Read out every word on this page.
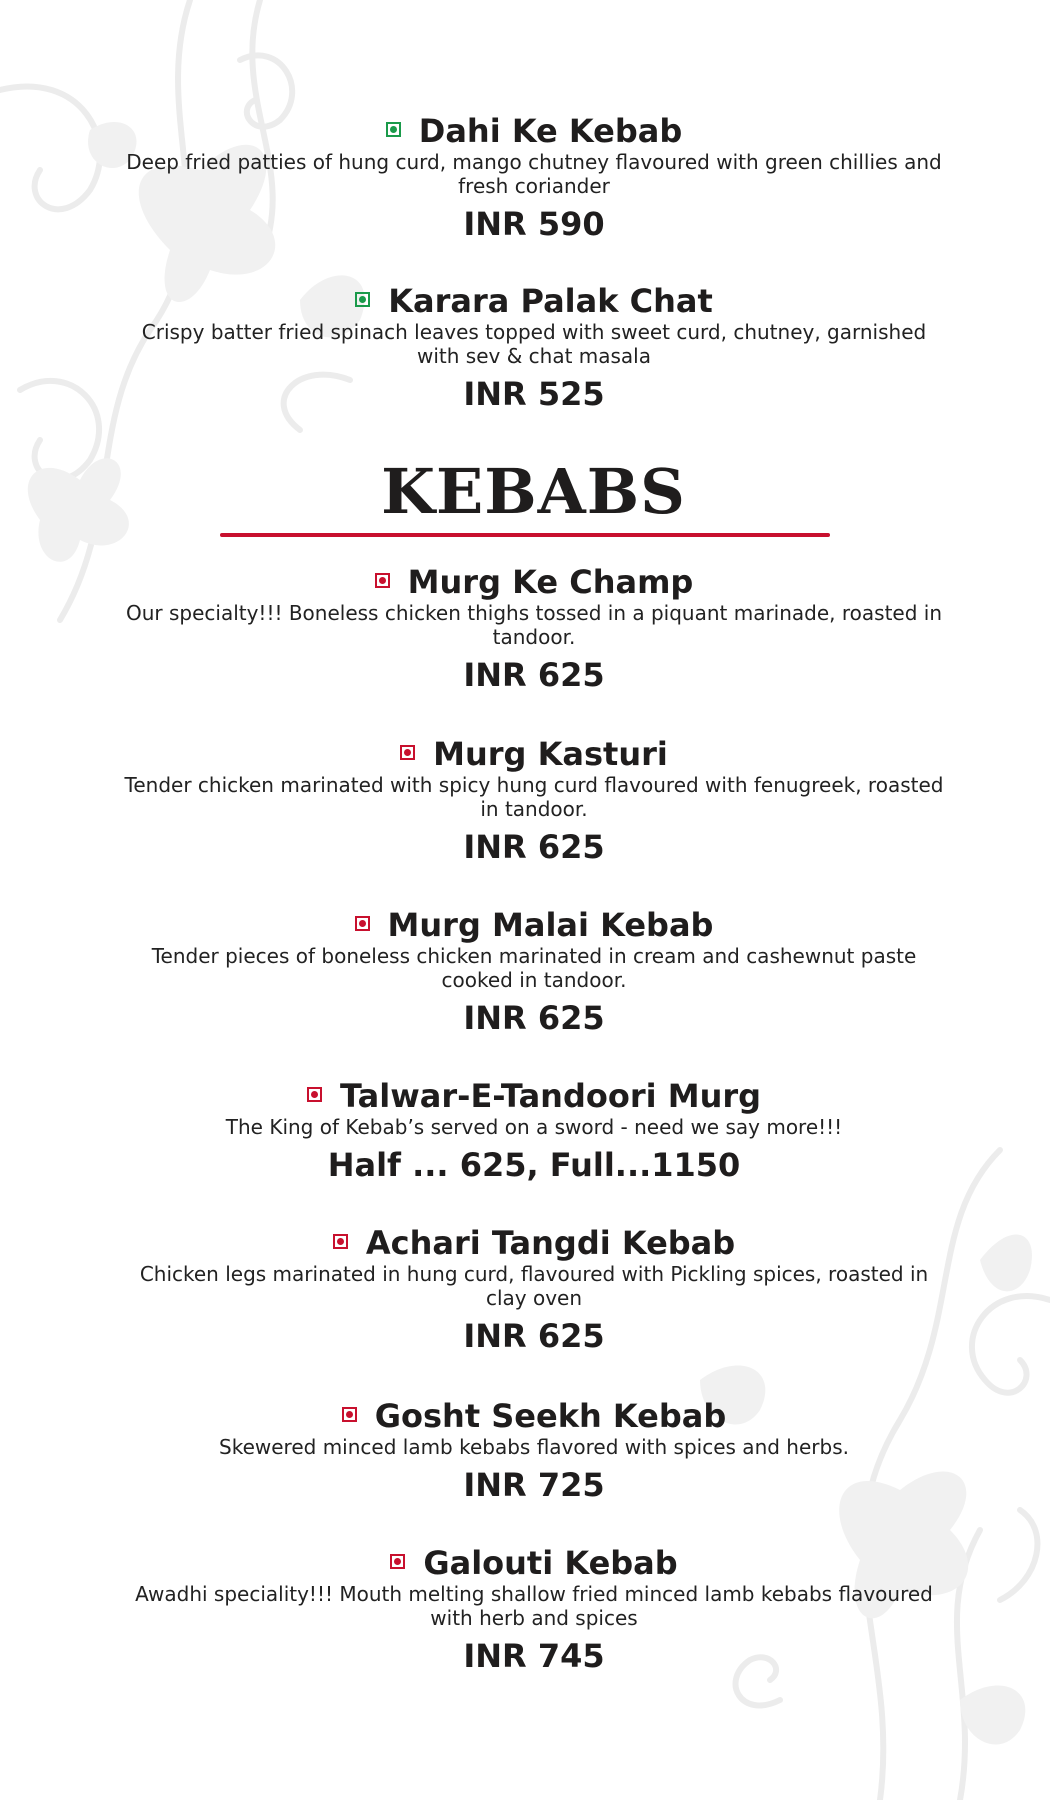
Dahi Ke Kebab
Deep fried patties of hung curd, mango chutney flavoured with green chillies and fresh coriander
INR 590
Karara Palak Chat
Crispy batter fried spinach leaves topped with sweet curd, chutney, garnished with sev & chat masala
INR 525
KEBABS
Murg Ke Champ
Our specialty!!! Boneless chicken thighs tossed in a piquant marinade, roasted in tandoor.
INR 625
Murg Kasturi
Tender chicken marinated with spicy hung curd flavoured with fenugreek, roasted in tandoor.
INR 625
Murg Malai Kebab
Tender pieces of boneless chicken marinated in cream and cashewnut paste cooked in tandoor.
INR 625
Talwar-E-Tandoori Murg
The King of Kebab’s served on a sword - need we say more!!!
Half ... 625, Full...1150
Achari Tangdi Kebab
Chicken legs marinated in hung curd, flavoured with Pickling spices, roasted in clay oven
INR 625
Gosht Seekh Kebab
Skewered minced lamb kebabs flavored with spices and herbs.
INR 725
Galouti Kebab
Awadhi speciality!!! Mouth melting shallow fried minced lamb kebabs flavoured with herb and spices
INR 745
